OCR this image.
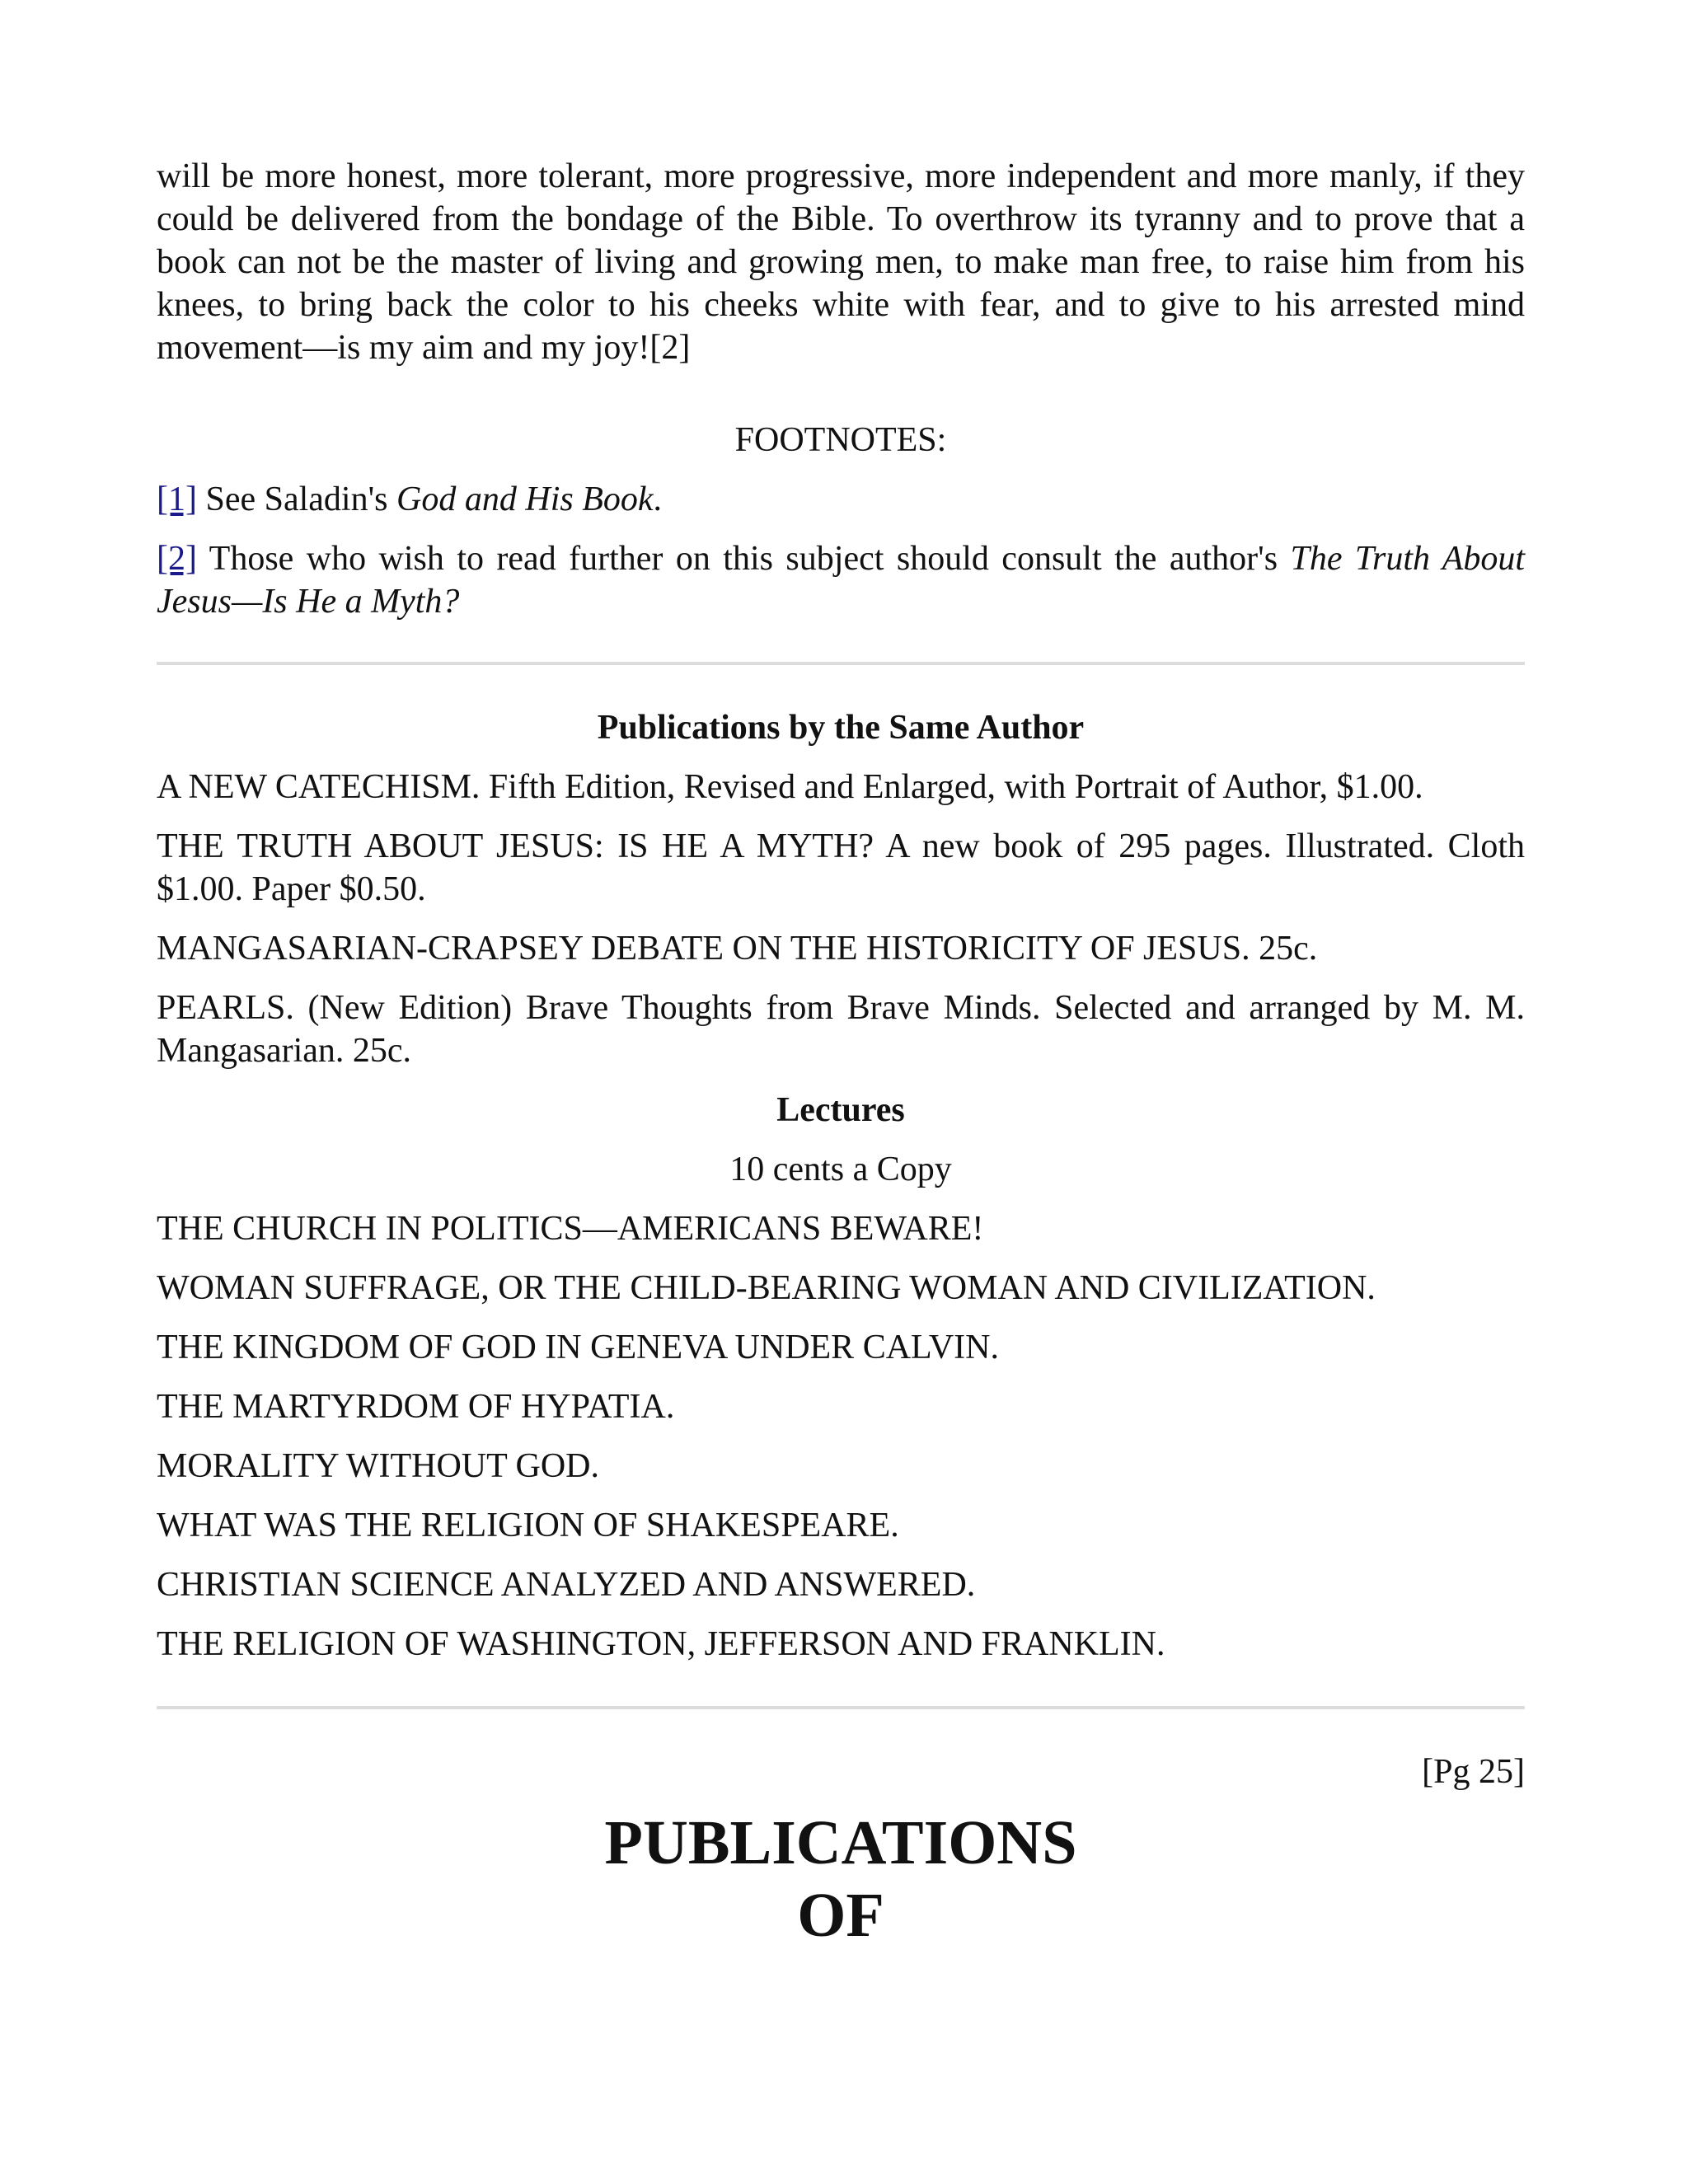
will be more honest, more tolerant, more progressive, more independent and more manly, if they could be delivered from the bondage of the Bible. To overthrow its tyranny and to prove that a book can not be the master of living and growing men, to make man free, to raise him from his knees, to bring back the color to his cheeks white with fear, and to give to his arrested mind movement—is my aim and my joy![2]

FOOTNOTES:

[1] See Saladin's God and His Book.

[2] Those who wish to read further on this subject should consult the author's The Truth About Jesus—Is He a Myth?

Publications by the Same Author

A NEW CATECHISM. Fifth Edition, Revised and Enlarged, with Portrait of Author, $1.00.

THE TRUTH ABOUT JESUS: IS HE A MYTH? A new book of 295 pages. Illustrated. Cloth $1.00. Paper $0.50.

MANGASARIAN-CRAPSEY DEBATE ON THE HISTORICITY OF JESUS. 25c.

PEARLS. (New Edition) Brave Thoughts from Brave Minds. Selected and arranged by M. M. Mangasarian. 25c.

Lectures
10 cents a Copy

THE CHURCH IN POLITICS—AMERICANS BEWARE!

WOMAN SUFFRAGE, OR THE CHILD-BEARING WOMAN AND CIVILIZATION.

THE KINGDOM OF GOD IN GENEVA UNDER CALVIN.

THE MARTYRDOM OF HYPATIA.

MORALITY WITHOUT GOD.

WHAT WAS THE RELIGION OF SHAKESPEARE.

CHRISTIAN SCIENCE ANALYZED AND ANSWERED.

THE RELIGION OF WASHINGTON, JEFFERSON AND FRANKLIN.

[Pg 25]
PUBLICATIONS
OF
